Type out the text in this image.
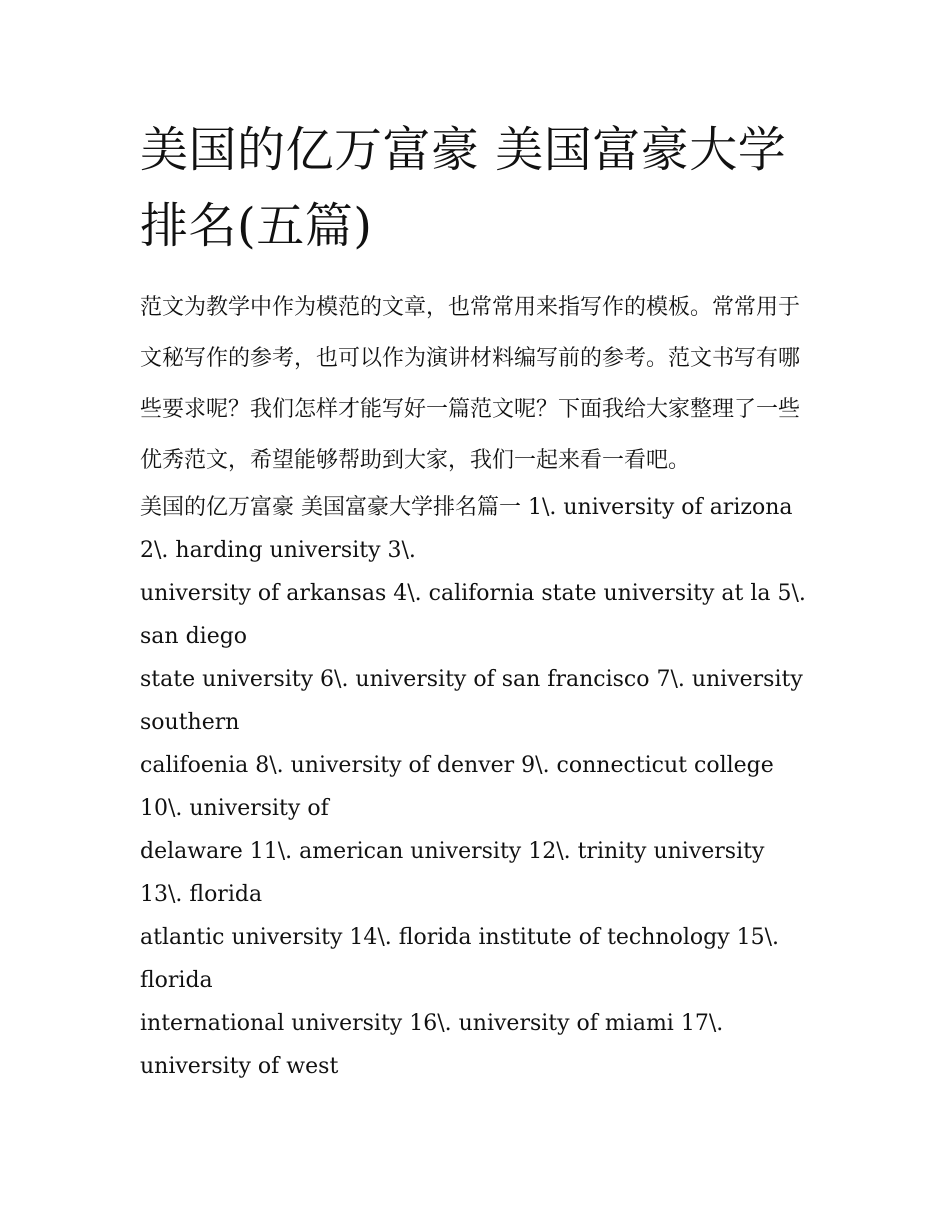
美国的亿万富豪 美国富豪大学排名(五篇)

范文为教学中作为模范的文章，也常常用来指写作的模板。常常用于文秘写作的参考，也可以作为演讲材料编写前的参考。范文书写有哪些要求呢？我们怎样才能写好一篇范文呢？下面我给大家整理了一些优秀范文，希望能够帮助到大家，我们一起来看一看吧。

美国的亿万富豪 美国富豪大学排名篇一 1\. university of arizona 2\. harding university 3\.
university of arkansas 4\. california state university at la 5\. san diego
state university 6\. university of san francisco 7\. university southern
califoenia 8\. university of denver 9\. connecticut college 10\. university of
delaware 11\. american university 12\. trinity university 13\. florida
atlantic university 14\. florida institute of technology 15\. florida
international university 16\. university of miami 17\. university of west
